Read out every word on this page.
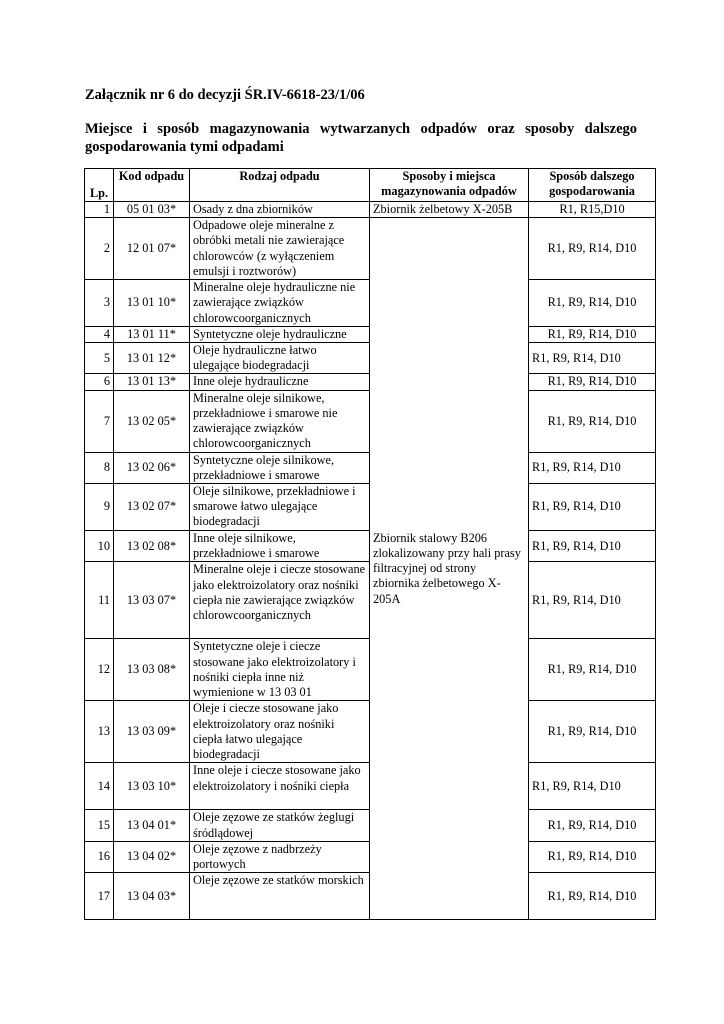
Załącznik nr 6 do decyzji ŚR.IV-6618-23/1/06
Miejsce i sposób magazynowania wytwarzanych odpadów oraz sposoby dalszego gospodarowania tymi odpadami
Lp.	Kod odpadu	Rodzaj odpadu	Sposoby i miejsca magazynowania odpadów	Sposób dalszego gospodarowania
1	05 01 03*	Osady z dna zbiorników	Zbiornik żelbetowy X-205B	R1, R15,D10
2	12 01 07*	Odpadowe oleje mineralne z obróbki metali nie zawierające chlorowców (z wyłączeniem emulsji i roztworów)	Zbiornik stalowy B206 zlokalizowany przy hali prasy filtracyjnej od strony zbiornika żelbetowego X-205A	R1, R9, R14, D10
3	13 01 10*	Mineralne oleje hydrauliczne nie zawierające związków chlorowcoorganicznych		R1, R9, R14, D10
4	13 01 11*	Syntetyczne oleje hydrauliczne		R1, R9, R14, D10
5	13 01 12*	Oleje hydrauliczne łatwo ulegające biodegradacji		R1, R9, R14, D10
6	13 01 13*	Inne oleje hydrauliczne		R1, R9, R14, D10
7	13 02 05*	Mineralne oleje silnikowe, przekładniowe i smarowe nie zawierające związków chlorowcoorganicznych		R1, R9, R14, D10
8	13 02 06*	Syntetyczne oleje silnikowe, przekładniowe i smarowe		R1, R9, R14, D10
9	13 02 07*	Oleje silnikowe, przekładniowe i smarowe łatwo ulegające biodegradacji		R1, R9, R14, D10
10	13 02 08*	Inne oleje silnikowe, przekładniowe i smarowe		R1, R9, R14, D10
11	13 03 07*	Mineralne oleje i ciecze stosowane jako elektroizolatory oraz nośniki ciepła nie zawierające związków chlorowcoorganicznych		R1, R9, R14, D10
12	13 03 08*	Syntetyczne oleje i ciecze stosowane jako elektroizolatory i nośniki ciepła inne niż wymienione w 13 03 01		R1, R9, R14, D10
13	13 03 09*	Oleje i ciecze stosowane jako elektroizolatory oraz nośniki ciepła łatwo ulegające biodegradacji		R1, R9, R14, D10
14	13 03 10*	Inne oleje i ciecze stosowane jako elektroizolatory i nośniki ciepła		R1, R9, R14, D10
15	13 04 01*	Oleje zęzowe ze statków żeglugi śródlądowej		R1, R9, R14, D10
16	13 04 02*	Oleje zęzowe z nadbrzeży portowych		R1, R9, R14, D10
17	13 04 03*	Oleje zęzowe ze statków morskich		R1, R9, R14, D10
